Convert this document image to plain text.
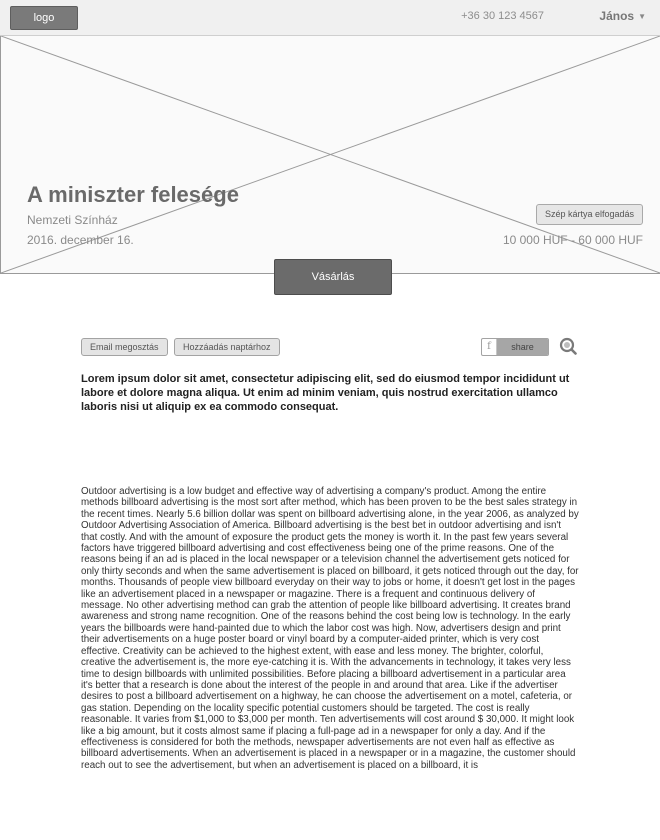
logo	+36 30 123 4567	János ▼
A miniszter felesége
Nemzeti Színház
2016. december 16.
Szép kártya elfogadás
10 000 HUF - 60 000 HUF
Vásárlás
Email megosztás	Hozzáadás naptárhoz	f	share

Lorem ipsum dolor sit amet, consectetur adipiscing elit, sed do eiusmod tempor incididunt ut labore et dolore magna aliqua. Ut enim ad minim veniam, quis nostrud exercitation ullamco laboris nisi ut aliquip ex ea commodo consequat.

Outdoor advertising is a low budget and effective way of advertising a company's product. Among the entire methods billboard advertising is the most sort after method, which has been proven to be the best sales strategy in the recent times. Nearly 5.6 billion dollar was spent on billboard advertising alone, in the year 2006, as analyzed by Outdoor Advertising Association of America. Billboard advertising is the best bet in outdoor advertising and isn't that costly. And with the amount of exposure the product gets the money is worth it. In the past few years several factors have triggered billboard advertising and cost effectiveness being one of the prime reasons. One of the reasons being if an ad is placed in the local newspaper or a television channel the advertisement gets noticed for only thirty seconds and when the same advertisement is placed on billboard, it gets noticed through out the day, for months. Thousands of people view billboard everyday on their way to jobs or home, it doesn't get lost in the pages like an advertisement placed in a newspaper or magazine. There is a frequent and continuous delivery of message. No other advertising method can grab the attention of people like billboard advertising. It creates brand awareness and strong name recognition. One of the reasons behind the cost being low is technology. In the early years the billboards were hand-painted due to which the labor cost was high. Now, advertisers design and print their advertisements on a huge poster board or vinyl board by a computer-aided printer, which is very cost effective. Creativity can be achieved to the highest extent, with ease and less money. The brighter, colorful, creative the advertisement is, the more eye-catching it is. With the advancements in technology, it takes very less time to design billboards with unlimited possibilities. Before placing a billboard advertisement in a particular area it's better that a research is done about the interest of the people in and around that area. Like if the advertiser desires to post a billboard advertisement on a highway, he can choose the advertisement on a motel, cafeteria, or gas station. Depending on the locality specific potential customers should be targeted. The cost is really reasonable. It varies from $1,000 to $3,000 per month. Ten advertisements will cost around $ 30,000. It might look like a big amount, but it costs almost same if placing a full-page ad in a newspaper for only a day. And if the effectiveness is considered for both the methods, newspaper advertisements are not even half as effective as billboard advertisements. When an advertisement is placed in a newspaper or in a magazine, the customer should reach out to see the advertisement, but when an advertisement is placed on a billboard, it is
